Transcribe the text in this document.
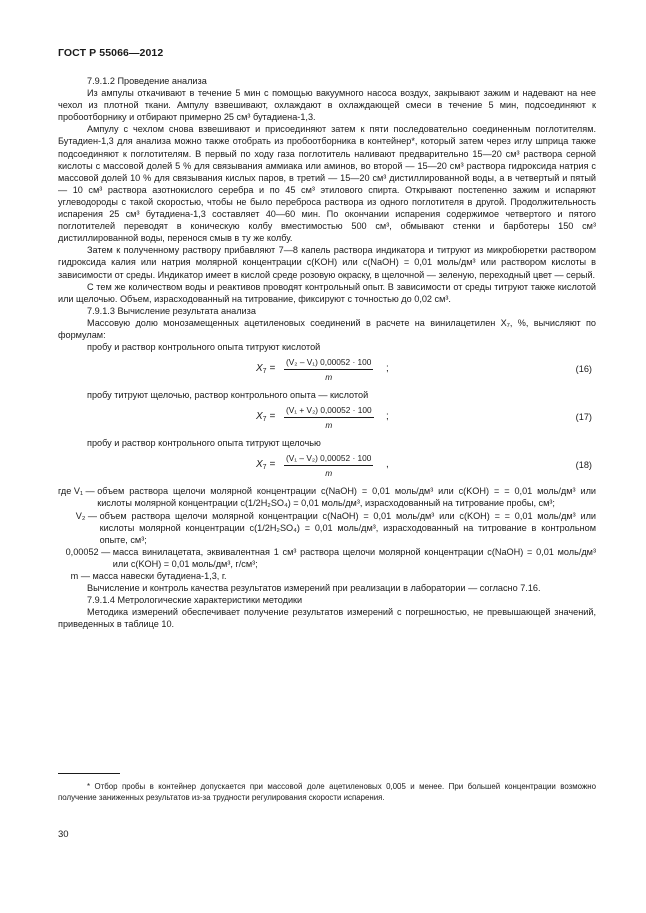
ГОСТ Р 55066—2012

7.9.1.2 Проведение анализа

Из ампулы откачивают в течение 5 мин с помощью вакуумного насоса воздух, закрывают зажим и надевают на нее чехол из плотной ткани. Ампулу взвешивают, охлаждают в охлаждающей смеси в течение 5 мин, подсоединяют к пробоотборнику и отбирают примерно 25 см³ бутадиена-1,3.

Ампулу с чехлом снова взвешивают и присоединяют затем к пяти последовательно соединенным поглотителям. Бутадиен-1,3 для анализа можно также отобрать из пробоотборника в контейнер*, который затем через иглу шприца также подсоединяют к поглотителям. В первый по ходу газа поглотитель наливают предварительно 15—20 см³ раствора серной кислоты с массовой долей 5 % для связывания аммиака или аминов, во второй — 15—20 см³ раствора гидроксида натрия с массовой долей 10 % для связывания кислых паров, в третий — 15—20 см³ дистиллированной воды, а в четвертый и пятый — 10 см³ раствора азотнокислого серебра и по 45 см³ этилового спирта. Открывают постепенно зажим и испаряют углеводороды с такой скоростью, чтобы не было переброса раствора из одного поглотителя в другой. Продолжительность испарения 25 см³ бутадиена-1,3 составляет 40—60 мин. По окончании испарения содержимое четвертого и пятого поглотителей переводят в коническую колбу вместимостью 500 см³, обмывают стенки и барботеры 150 см³ дистиллированной воды, перенося смыв в ту же колбу.

Затем к полученному раствору прибавляют 7—8 капель раствора индикатора и титруют из микробюретки раствором гидроксида калия или натрия молярной концентрации c(KOH) или c(NaOH) = 0,01 моль/дм³ или раствором кислоты в зависимости от среды. Индикатор имеет в кислой среде розовую окраску, в щелочной — зеленую, переходный цвет — серый.

С тем же количеством воды и реактивов проводят контрольный опыт. В зависимости от среды титруют также кислотой или щелочью. Объем, израсходованный на титрование, фиксируют с точностью до 0,02 см³.

7.9.1.3 Вычисление результата анализа

Массовую долю монозамещенных ацетиленовых соединений в расчете на винилацетилен X₇, %, вычисляют по формулам:

пробу и раствор контрольного опыта титруют кислотой

$X_7 = \frac{\text{(V₂ – V₁) 0,00052 · 100}}{m}$ ;	(16)

пробу титруют щелочью, раствор контрольного опыта — кислотой

$X_7 = \frac{\text{(V₁ + V₂) 0,00052 · 100}}{m}$ ;	(17)

пробу и раствор контрольного опыта титруют щелочью

$X_7 = \frac{\text{(V₁ – V₂) 0,00052 · 100}}{m}$ ,	(18)
где V₁ — объем раствора щелочи молярной концентрации c(NaOH) = 0,01 моль/дм³ или c(KOH) = = 0,01 моль/дм³ или кислоты молярной концентрации c(1/2H₂SO₄) = 0,01 моль/дм³, израсходованный на титрование пробы, см³;
V₂ — объем раствора щелочи молярной концентрации c(NaOH) = 0,01 моль/дм³ или c(KOH) = = 0,01 моль/дм³ или кислоты молярной концентрации c(1/2H₂SO₄) = 0,01 моль/дм³, израсходованный на титрование в контрольном опыте, см³;
0,00052 — масса винилацетата, эквивалентная 1 см³ раствора щелочи молярной концентрации c(NaOH) = 0,01 моль/дм³ или c(KOH) = 0,01 моль/дм³, г/см³;
m — масса навески бутадиена-1,3, г.

Вычисление и контроль качества результатов измерений при реализации в лаборатории — согласно 7.16.

7.9.1.4 Метрологические характеристики методики

Методика измерений обеспечивает получение результатов измерений с погрешностью, не превышающей значений, приведенных в таблице 10.

* Отбор пробы в контейнер допускается при массовой доле ацетиленовых 0,005 и менее. При большей концентрации возможно получение заниженных результатов из-за трудности регулирования скорости испарения.
30
